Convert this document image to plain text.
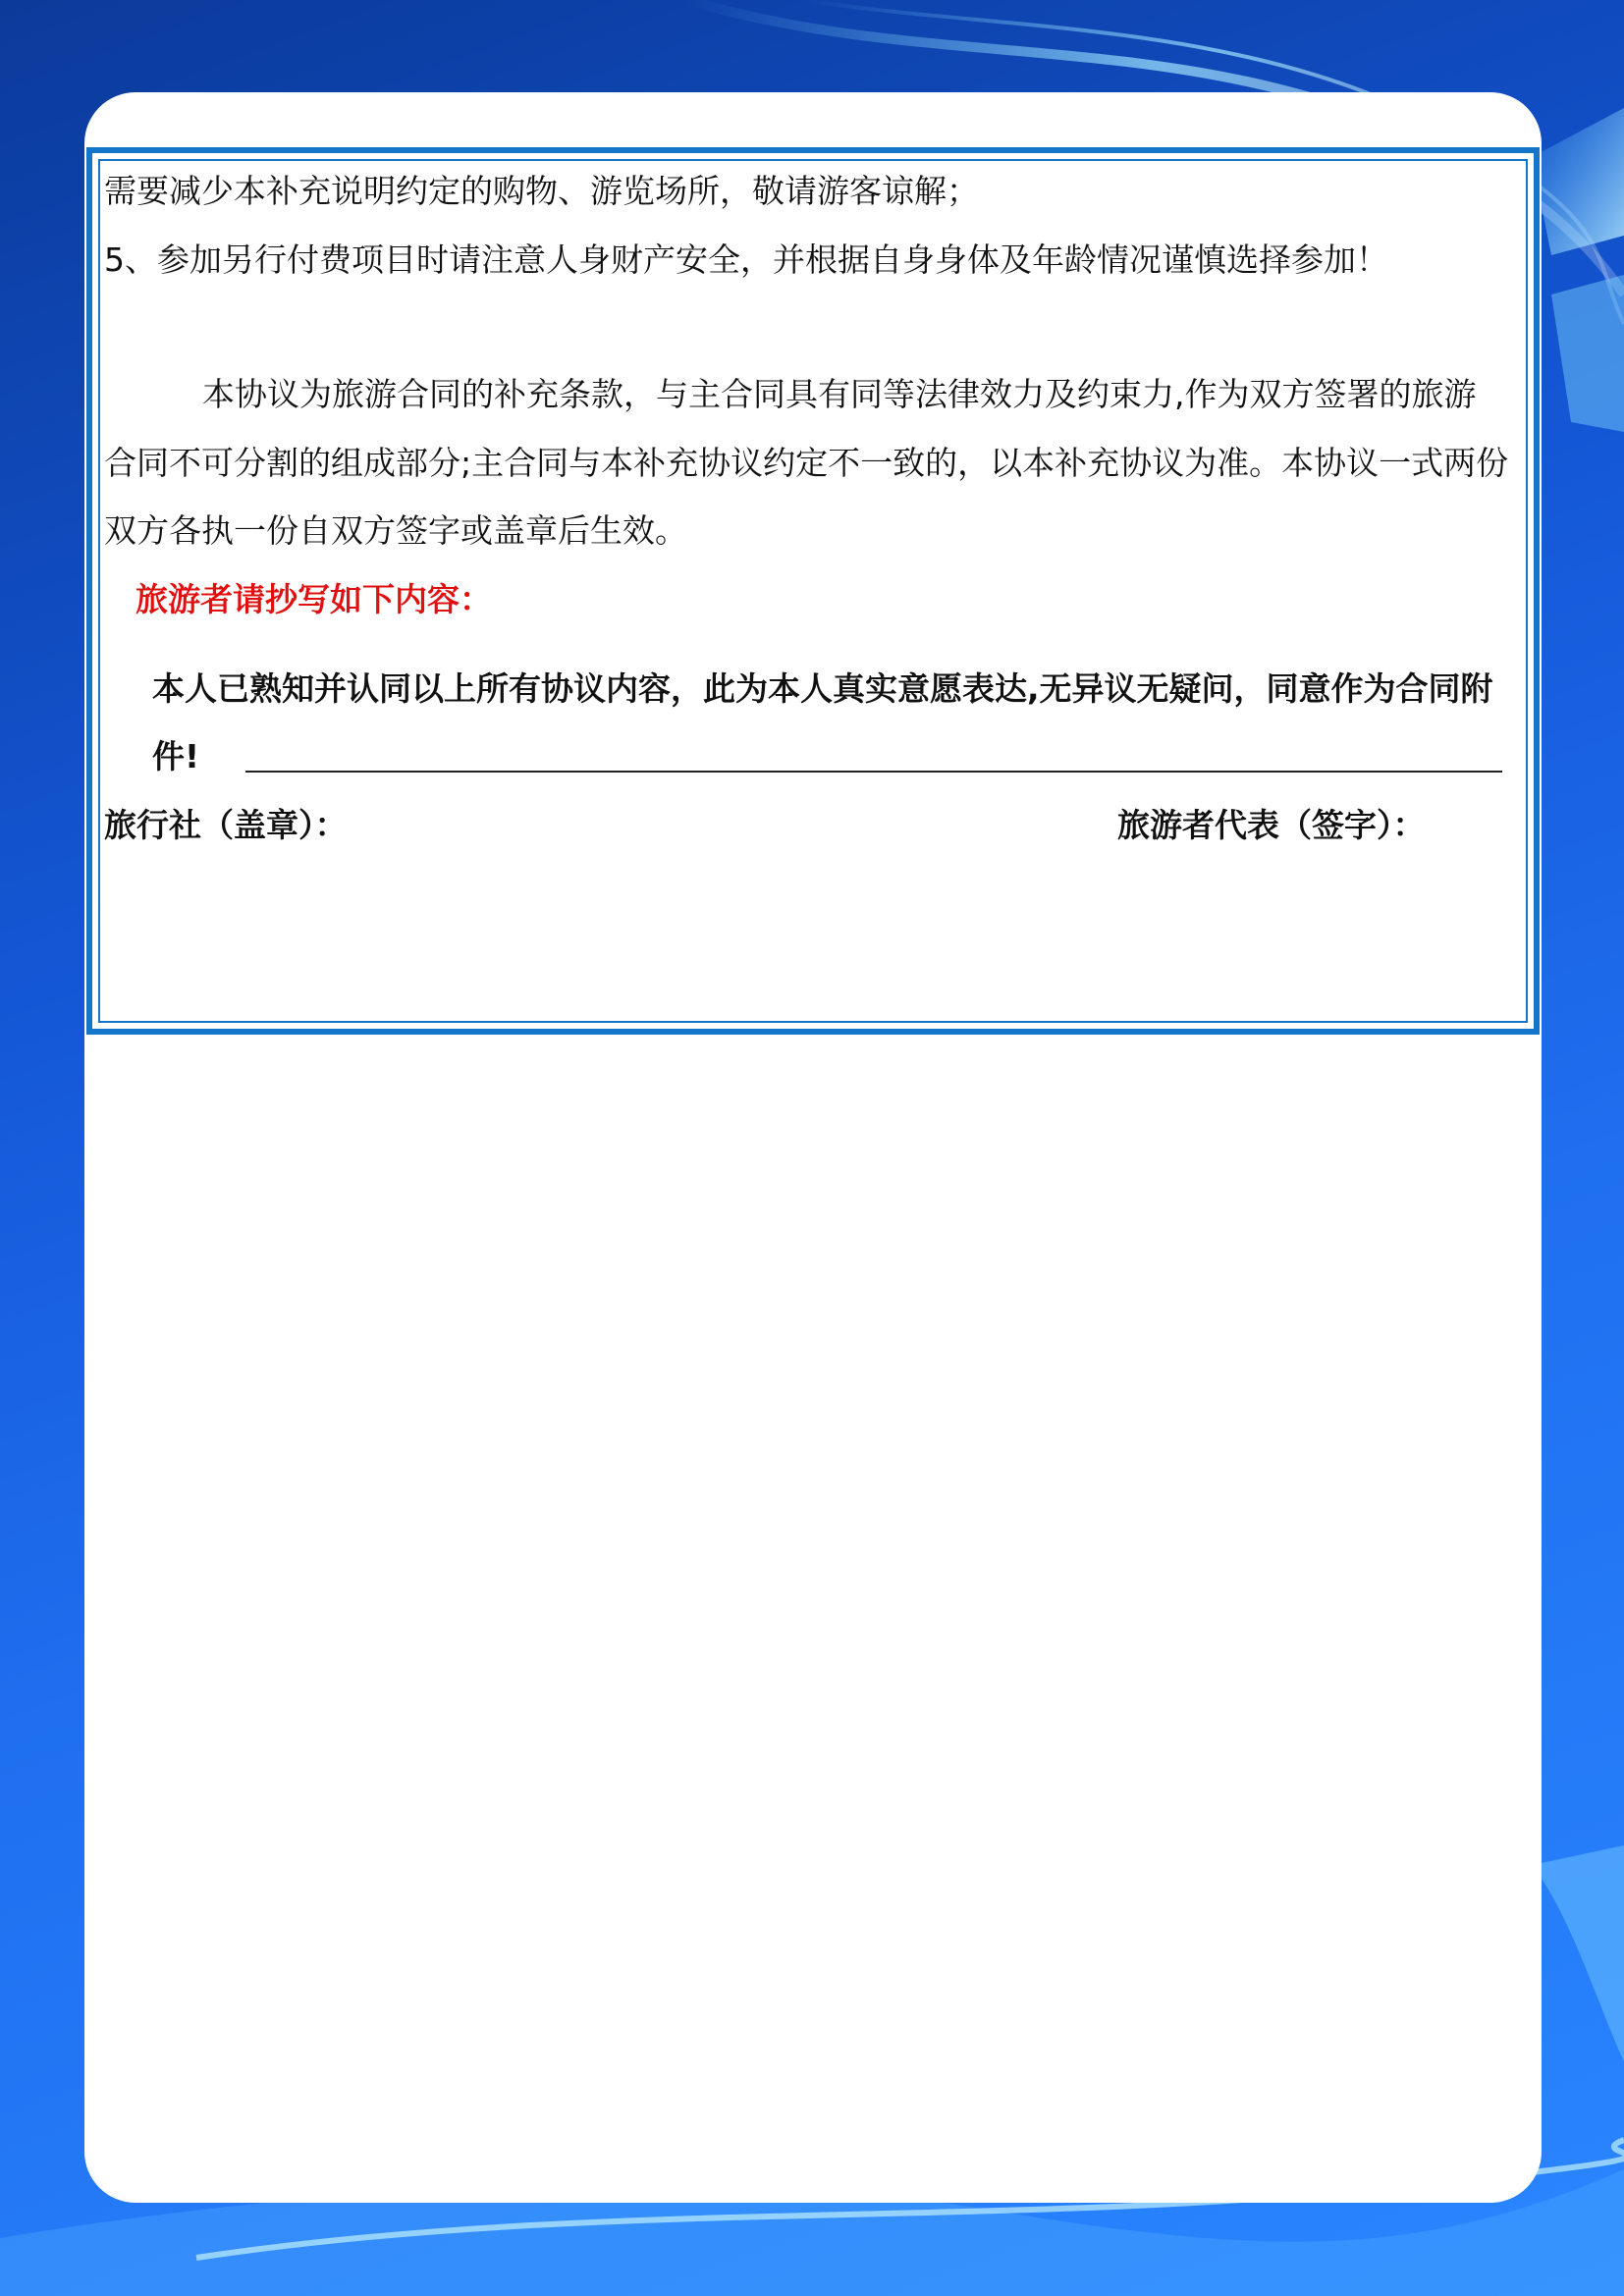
需要减少本补充说明约定的购物、游览场所，敬请游客谅解；
5、参加另行付费项目时请注意人身财产安全，并根据自身身体及年龄情况谨慎选择参加！
本协议为旅游合同的补充条款，与主合同具有同等法律效力及约束力,作为双方签署的旅游
合同不可分割的组成部分;主合同与本补充协议约定不一致的，以本补充协议为准。本协议一式两份
双方各执一份自双方签字或盖章后生效。
旅游者请抄写如下内容：
本人已熟知并认同以上所有协议内容，此为本人真实意愿表达,无异议无疑问，同意作为合同附
件!
旅行社（盖章）：	旅游者代表（签字）：
